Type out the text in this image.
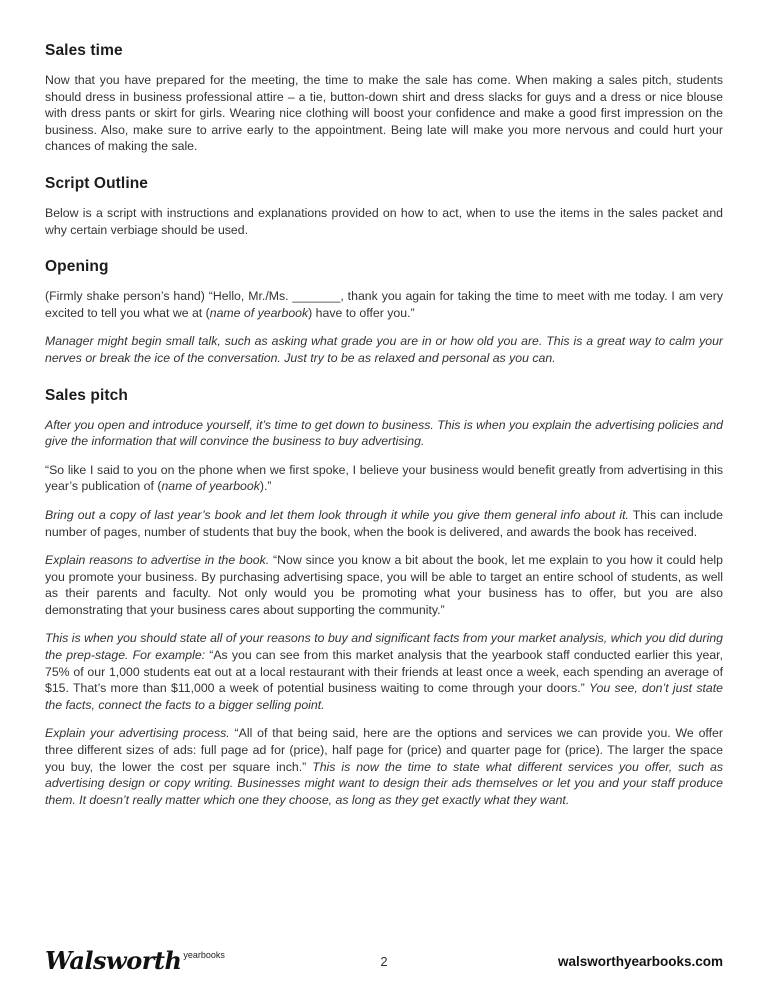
Sales time

Now that you have prepared for the meeting, the time to make the sale has come. When making a sales pitch, students should dress in business professional attire – a tie, button-down shirt and dress slacks for guys and a dress or nice blouse with dress pants or skirt for girls. Wearing nice clothing will boost your confidence and make a good first impression on the business. Also, make sure to arrive early to the appointment. Being late will make you more nervous and could hurt your chances of making the sale.

Script Outline

Below is a script with instructions and explanations provided on how to act, when to use the items in the sales packet and why certain verbiage should be used.

Opening

(Firmly shake person’s hand) “Hello, Mr./Ms. _______, thank you again for taking the time to meet with me today. I am very excited to tell you what we at (name of yearbook) have to offer you.”

Manager might begin small talk, such as asking what grade you are in or how old you are. This is a great way to calm your nerves or break the ice of the conversation. Just try to be as relaxed and personal as you can.

Sales pitch

After you open and introduce yourself, it’s time to get down to business. This is when you explain the advertising policies and give the information that will convince the business to buy advertising.

“So like I said to you on the phone when we first spoke, I believe your business would benefit greatly from advertising in this year’s publication of (name of yearbook).”

Bring out a copy of last year’s book and let them look through it while you give them general info about it. This can include number of pages, number of students that buy the book, when the book is delivered, and awards the book has received.

Explain reasons to advertise in the book. “Now since you know a bit about the book, let me explain to you how it could help you promote your business. By purchasing advertising space, you will be able to target an entire school of students, as well as their parents and faculty. Not only would you be promoting what your business has to offer, but you are also demonstrating that your business cares about supporting the community.”

This is when you should state all of your reasons to buy and significant facts from your market analysis, which you did during the prep-stage. For example: “As you can see from this market analysis that the yearbook staff conducted earlier this year, 75% of our 1,000 students eat out at a local restaurant with their friends at least once a week, each spending an average of $15. That’s more than $11,000 a week of potential business waiting to come through your doors.” You see, don’t just state the facts, connect the facts to a bigger selling point.

Explain your advertising process. “All of that being said, here are the options and services we can provide you. We offer three different sizes of ads: full page ad for (price), half page for (price) and quarter page for (price). The larger the space you buy, the lower the cost per square inch.” This is now the time to state what different services you offer, such as advertising design or copy writing. Businesses might want to design their ads themselves or let you and your staff produce them. It doesn’t really matter which one they choose, as long as they get exactly what they want.

Walsworth yearbooks	2	walsworthyearbooks.com
